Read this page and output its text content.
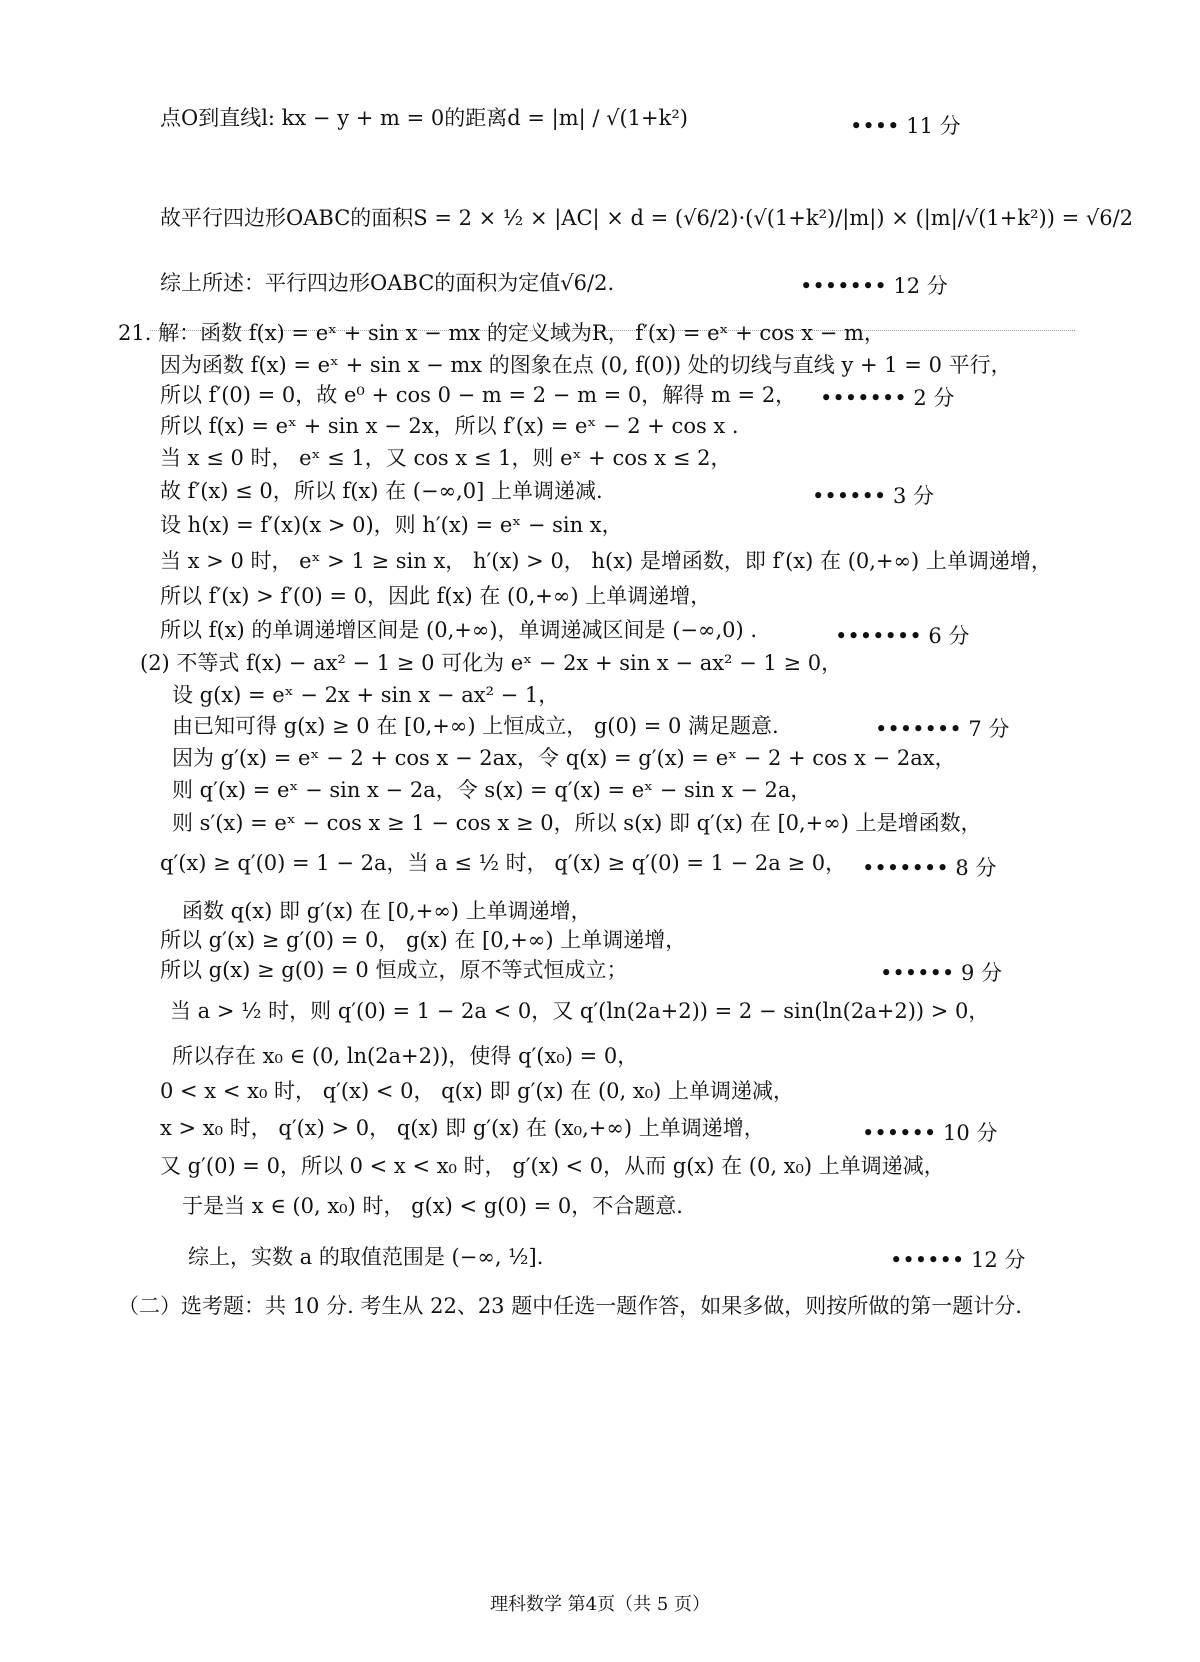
点O到直线l: kx − y + m = 0的距离d = |m| / √(1+k²)	•••• 11 分
故平行四边形OABC的面积S = 2 × ½ × |AC| × d = (√6/2)·(√(1+k²)/|m|) × (|m|/√(1+k²)) = √6/2
综上所述：平行四边形OABC的面积为定值√6/2.	••••••• 12 分
21. 解：函数 f(x) = eˣ + sin x − mx 的定义域为R， f′(x) = eˣ + cos x − m，
因为函数 f(x) = eˣ + sin x − mx 的图象在点 (0, f(0)) 处的切线与直线 y + 1 = 0 平行，
所以 f′(0) = 0，故 e⁰ + cos 0 − m = 2 − m = 0，解得 m = 2， ••••••• 2 分
所以 f(x) = eˣ + sin x − 2x，所以 f′(x) = eˣ − 2 + cos x .
当 x ≤ 0 时， eˣ ≤ 1，又 cos x ≤ 1，则 eˣ + cos x ≤ 2，
故 f′(x) ≤ 0，所以 f(x) 在 (−∞,0] 上单调递减.	•••••• 3 分
设 h(x) = f′(x)(x > 0)，则 h′(x) = eˣ − sin x，
当 x > 0 时， eˣ > 1 ≥ sin x， h′(x) > 0， h(x) 是增函数，即 f′(x) 在 (0,+∞) 上单调递增，
所以 f′(x) > f′(0) = 0，因此 f(x) 在 (0,+∞) 上单调递增，
所以 f(x) 的单调递增区间是 (0,+∞)，单调递减区间是 (−∞,0) .	••••••• 6 分
(2) 不等式 f(x) − ax² − 1 ≥ 0 可化为 eˣ − 2x + sin x − ax² − 1 ≥ 0，
设 g(x) = eˣ − 2x + sin x − ax² − 1，
由已知可得 g(x) ≥ 0 在 [0,+∞) 上恒成立， g(0) = 0 满足题意.	••••••• 7 分
因为 g′(x) = eˣ − 2 + cos x − 2ax，令 q(x) = g′(x) = eˣ − 2 + cos x − 2ax，
则 q′(x) = eˣ − sin x − 2a，令 s(x) = q′(x) = eˣ − sin x − 2a，
则 s′(x) = eˣ − cos x ≥ 1 − cos x ≥ 0，所以 s(x) 即 q′(x) 在 [0,+∞) 上是增函数，
q′(x) ≥ q′(0) = 1 − 2a，当 a ≤ ½ 时， q′(x) ≥ q′(0) = 1 − 2a ≥ 0， ••••••• 8 分
函数 q(x) 即 g′(x) 在 [0,+∞) 上单调递增，
所以 g′(x) ≥ g′(0) = 0， g(x) 在 [0,+∞) 上单调递增，
所以 g(x) ≥ g(0) = 0 恒成立，原不等式恒成立；	•••••• 9 分
当 a > ½ 时，则 q′(0) = 1 − 2a < 0，又 q′(ln(2a+2)) = 2 − sin(ln(2a+2)) > 0，
所以存在 x₀ ∈ (0, ln(2a+2))，使得 q′(x₀) = 0，
0 < x < x₀ 时， q′(x) < 0， q(x) 即 g′(x) 在 (0, x₀) 上单调递减，
x > x₀ 时， q′(x) > 0， q(x) 即 g′(x) 在 (x₀,+∞) 上单调递增，	•••••• 10 分
又 g′(0) = 0，所以 0 < x < x₀ 时， g′(x) < 0，从而 g(x) 在 (0, x₀) 上单调递减，
于是当 x ∈ (0, x₀) 时， g(x) < g(0) = 0，不合题意.
综上，实数 a 的取值范围是 (−∞, ½].	•••••• 12 分
（二）选考题：共 10 分. 考生从 22、23 题中任选一题作答，如果多做，则按所做的第一题计分.
理科数学 第4页（共 5 页）
